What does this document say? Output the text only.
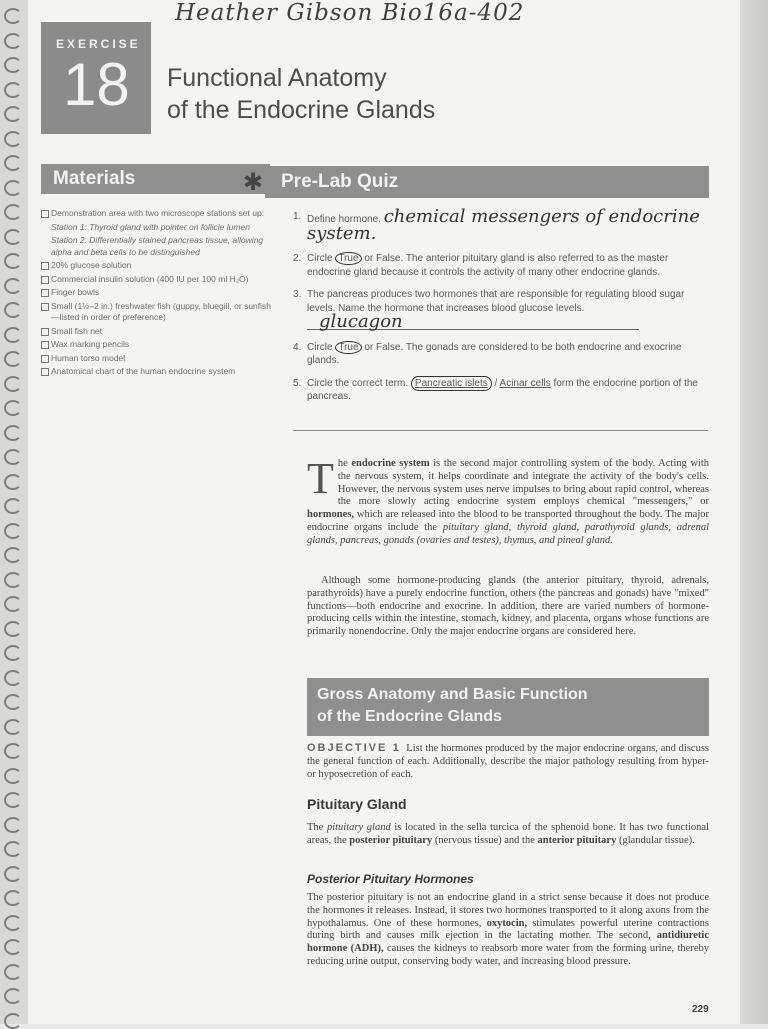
EXERCISE
18
Heather Gibson Bio16a-402
Functional Anatomy
of the Endocrine Glands
Materials	✱ Pre-Lab Quiz
Demonstration area with two microscope stations set up:
Station 1: Thyroid gland with pointer on follicle lumen
Station 2: Differentially stained pancreas tissue, allowing alpha and beta cells to be distinguished
20% glucose solution
Commercial insulin solution (400 IU per 100 ml H₂O)
Finger bowls
Small (1½–2 in.) freshwater fish (guppy, bluegill, or sunfish—listed in order of preference)
Small fish net
Wax marking pencils
Human torso model
Anatomical chart of the human endocrine system
1. Define hormone. chemical messengers of endocrine system.
2. Circle True or False. The anterior pituitary gland is also referred to as the master endocrine gland because it controls the activity of many other endocrine glands.
3. The pancreas produces two hormones that are responsible for regulating blood sugar levels. Name the hormone that increases blood glucose levels. glucagon
4. Circle True or False. The gonads are considered to be both endocrine and exocrine glands.
5. Circle the correct term. Pancreatic islets / Acinar cells form the endocrine portion of the pancreas.
The endocrine system is the second major controlling system of the body. Acting with the nervous system, it helps coordinate and integrate the activity of the body's cells. However, the nervous system uses nerve impulses to bring about rapid control, whereas the more slowly acting endocrine system employs chemical "messengers," or hormones, which are released into the blood to be transported throughout the body. The major endocrine organs include the pituitary gland, thyroid gland, parathyroid glands, adrenal glands, pancreas, gonads (ovaries and testes), thymus, and pineal gland.
Although some hormone-producing glands (the anterior pituitary, thyroid, adrenals, parathyroids) have a purely endocrine function, others (the pancreas and gonads) have "mixed" functions—both endocrine and exocrine. In addition, there are varied numbers of hormone-producing cells within the intestine, stomach, kidney, and placenta, organs whose functions are primarily nonendocrine. Only the major endocrine organs are considered here.
Gross Anatomy and Basic Function
of the Endocrine Glands
OBJECTIVE 1 List the hormones produced by the major endocrine organs, and discuss the general function of each. Additionally, describe the major pathology resulting from hyper- or hyposecretion of each.
Pituitary Gland
The pituitary gland is located in the sella turcica of the sphenoid bone. It has two functional areas, the posterior pituitary (nervous tissue) and the anterior pituitary (glandular tissue).
Posterior Pituitary Hormones
The posterior pituitary is not an endocrine gland in a strict sense because it does not produce the hormones it releases. Instead, it stores two hormones transported to it along axons from the hypothalamus. One of these hormones, oxytocin, stimulates powerful uterine contractions during birth and causes milk ejection in the lactating mother. The second, antidiuretic hormone (ADH), causes the kidneys to reabsorb more water from the forming urine, thereby reducing urine output, conserving body water, and increasing blood pressure.
229
